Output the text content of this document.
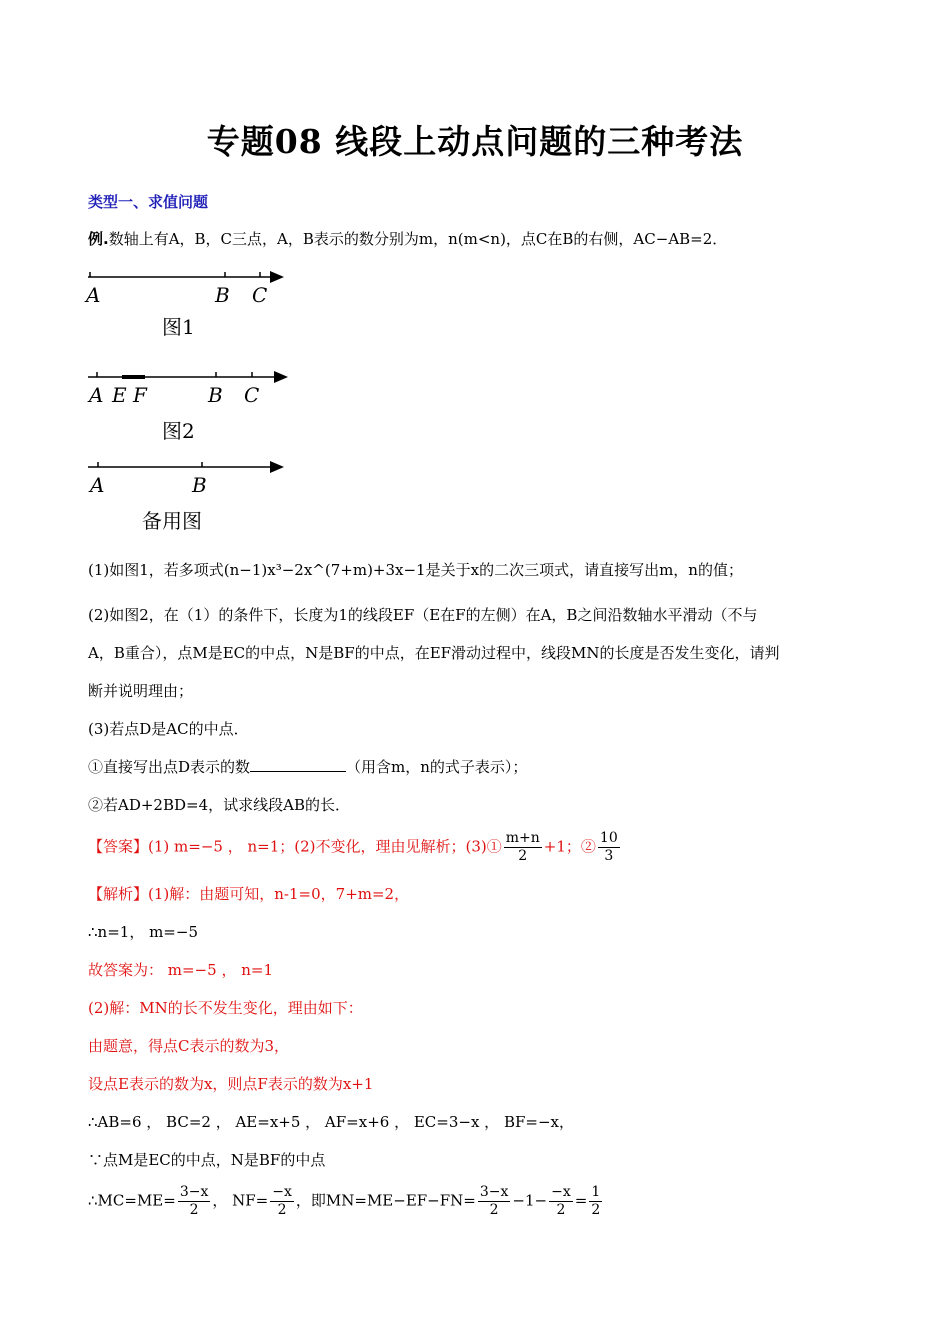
专题08 线段上动点问题的三种考法
类型一、求值问题
例.数轴上有A，B，C三点，A，B表示的数分别为m，n(m<n)，点C在B的右侧，AC−AB=2．
A	B C
图1
A E F	B C
图2
A	B
备用图
(1)如图1，若多项式(n−1)x³−2x^(7+m)+3x−1是关于x的二次三项式，请直接写出m，n的值；
(2)如图2，在（1）的条件下，长度为1的线段EF（E在F的左侧）在A，B之间沿数轴水平滑动（不与
A，B重合），点M是EC的中点，N是BF的中点，在EF滑动过程中，线段MN的长度是否发生变化，请判
断并说明理由；
(3)若点D是AC的中点．
①直接写出点D表示的数	（用含m，n的式子表示）；
②若AD+2BD=4，试求线段AB的长．
【答案】(1) m=−5 ， n=1；(2)不变化，理由见解析；(3)① $\frac{m+n}{2} +1$；② $\frac{10}{3}$
【解析】(1)解：由题可知，n-1=0，7+m=2，
∴n=1， m=−5
故答案为： m=−5 ， n=1
(2)解：MN的长不发生变化，理由如下：
由题意，得点C表示的数为3，
设点E表示的数为x，则点F表示的数为x+1
∴AB=6 ， BC=2 ， AE=x+5 ， AF=x+6 ， EC=3−x ， BF=−x，
∵点M是EC的中点，N是BF的中点
∴MC=ME= $\frac{3-x}{2}$ ， $NF= \frac{-x}{2}$ ，即$MN=ME-EF-FN= \frac{3-x}{2} -1- \frac{-x}{2} = \frac{1}{2}$
